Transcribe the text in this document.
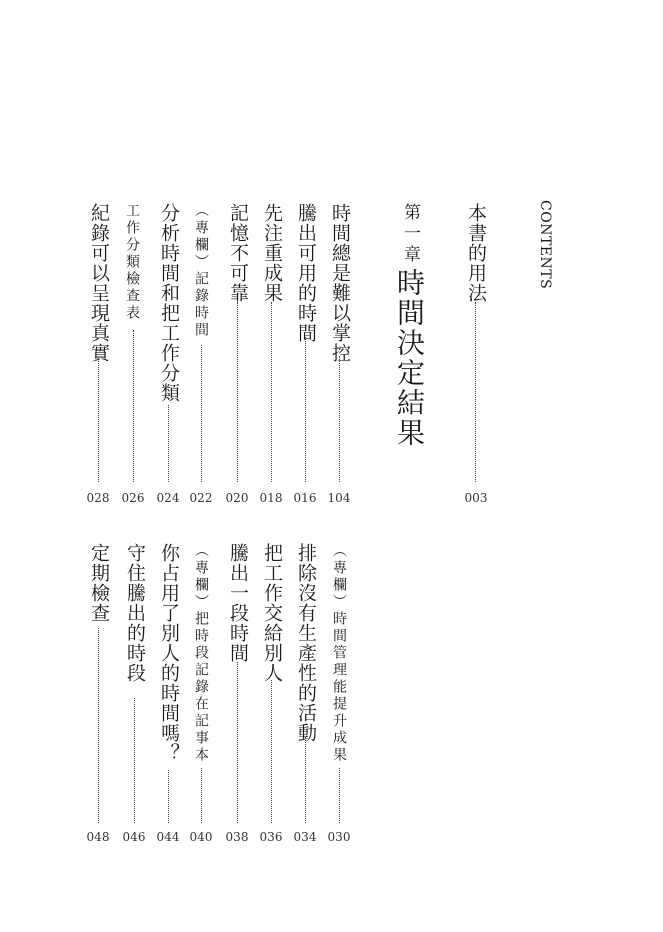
CONTENTS
本書的用法
003
第一章
時間決定結果
時間總是難以掌控
104
騰出可用的時間
016
先注重成果
018
記憶不可靠
020
（專欄）記錄時間
022
分析時間和把工作分類
024
工作分類檢查表
026
紀錄可以呈現真實
028
（專欄）時間管理能提升成果
030
排除沒有生產性的活動
034
把工作交給別人
036
騰出一段時間
038
（專欄）把時段記錄在記事本
040
你占用了別人的時間嗎？
044
守住騰出的時段
046
定期檢查
048
